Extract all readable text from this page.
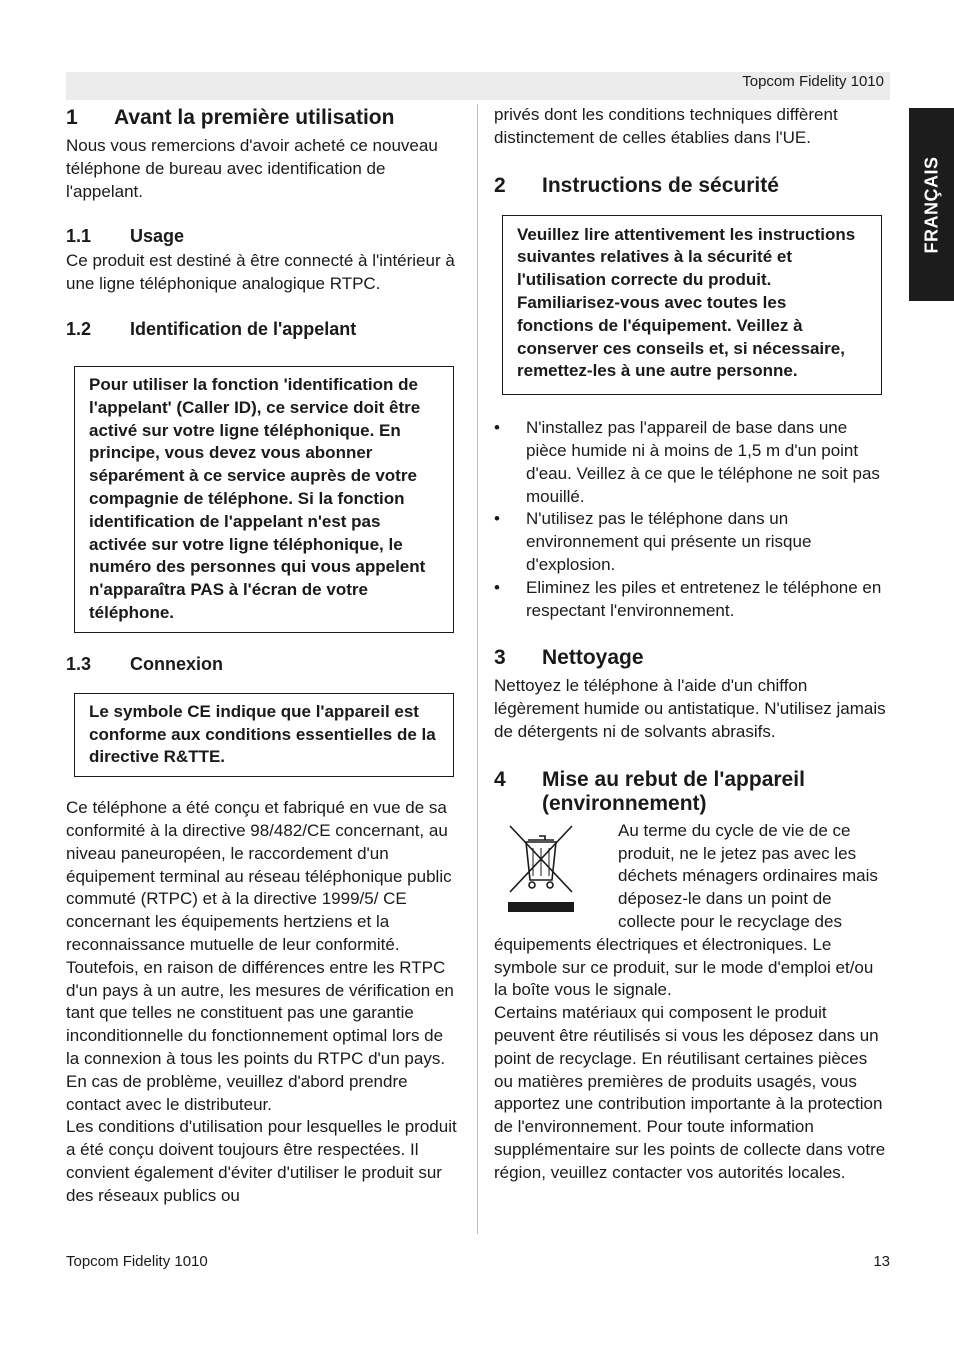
Topcom Fidelity 1010
FRANÇAIS
1	Avant la première utilisation

Nous vous remercions d'avoir acheté ce nouveau téléphone de bureau avec identification de l'appelant.

1.1	Usage

Ce produit est destiné à être connecté à l'intérieur à une ligne téléphonique analogique RTPC.

1.2	Identification de l'appelant

Pour utiliser la fonction 'identification de l'appelant' (Caller ID), ce service doit être activé sur votre ligne téléphonique. En principe, vous devez vous abonner séparément à ce service auprès de votre compagnie de téléphone. Si la fonction identification de l'appelant n'est pas activée sur votre ligne téléphonique, le numéro des personnes qui vous appelent n'apparaîtra PAS à l'écran de votre téléphone.

1.3	Connexion

Le symbole CE indique que l'appareil est conforme aux conditions essentielles de la directive R&TTE.

Ce téléphone a été conçu et fabriqué en vue de sa conformité à la directive 98/482/CE concernant, au niveau paneuropéen, le raccordement d'un équipement terminal au réseau téléphonique public commuté (RTPC) et à la directive 1999/5/ CE concernant les équipements hertziens et la reconnaissance mutuelle de leur conformité. Toutefois, en raison de différences entre les RTPC d'un pays à un autre, les mesures de vérification en tant que telles ne constituent pas une garantie inconditionnelle du fonctionnement optimal lors de la connexion à tous les points du RTPC d'un pays. En cas de problème, veuillez d'abord prendre contact avec le distributeur.

Les conditions d'utilisation pour lesquelles le produit a été conçu doivent toujours être respectées. Il convient également d'éviter d'utiliser le produit sur des réseaux publics ou

privés dont les conditions techniques diffèrent distinctement de celles établies dans l'UE.

2	Instructions de sécurité

Veuillez lire attentivement les instructions suivantes relatives à la sécurité et l'utilisation correcte du produit. Familiarisez-vous avec toutes les fonctions de l'équipement. Veillez à conserver ces conseils et, si nécessaire, remettez-les à une autre personne.

• N'installez pas l'appareil de base dans une pièce humide ni à moins de 1,5 m d'un point d'eau. Veillez à ce que le téléphone ne soit pas mouillé.
• N'utilisez pas le téléphone dans un environnement qui présente un risque d'explosion.
• Eliminez les piles et entretenez le téléphone en respectant l'environnement.
3	Nettoyage

Nettoyez le téléphone à l'aide d'un chiffon légèrement humide ou antistatique. N'utilisez jamais de détergents ni de solvants abrasifs.

4	Mise au rebut de l'appareil
(environnement)

Au terme du cycle de vie de ce produit, ne le jetez pas avec les déchets ménagers ordinaires mais déposez-le dans un point de collecte pour le recyclage des équipements électriques et électroniques. Le symbole sur ce produit, sur le mode d'emploi et/ou la boîte vous le signale.

Certains matériaux qui composent le produit peuvent être réutilisés si vous les déposez dans un point de recyclage. En réutilisant certaines pièces ou matières premières de produits usagés, vous apportez une contribution importante à la protection de l'environnement. Pour toute information supplémentaire sur les points de collecte dans votre région, veuillez contacter vos autorités locales.

Topcom Fidelity 1010	13
